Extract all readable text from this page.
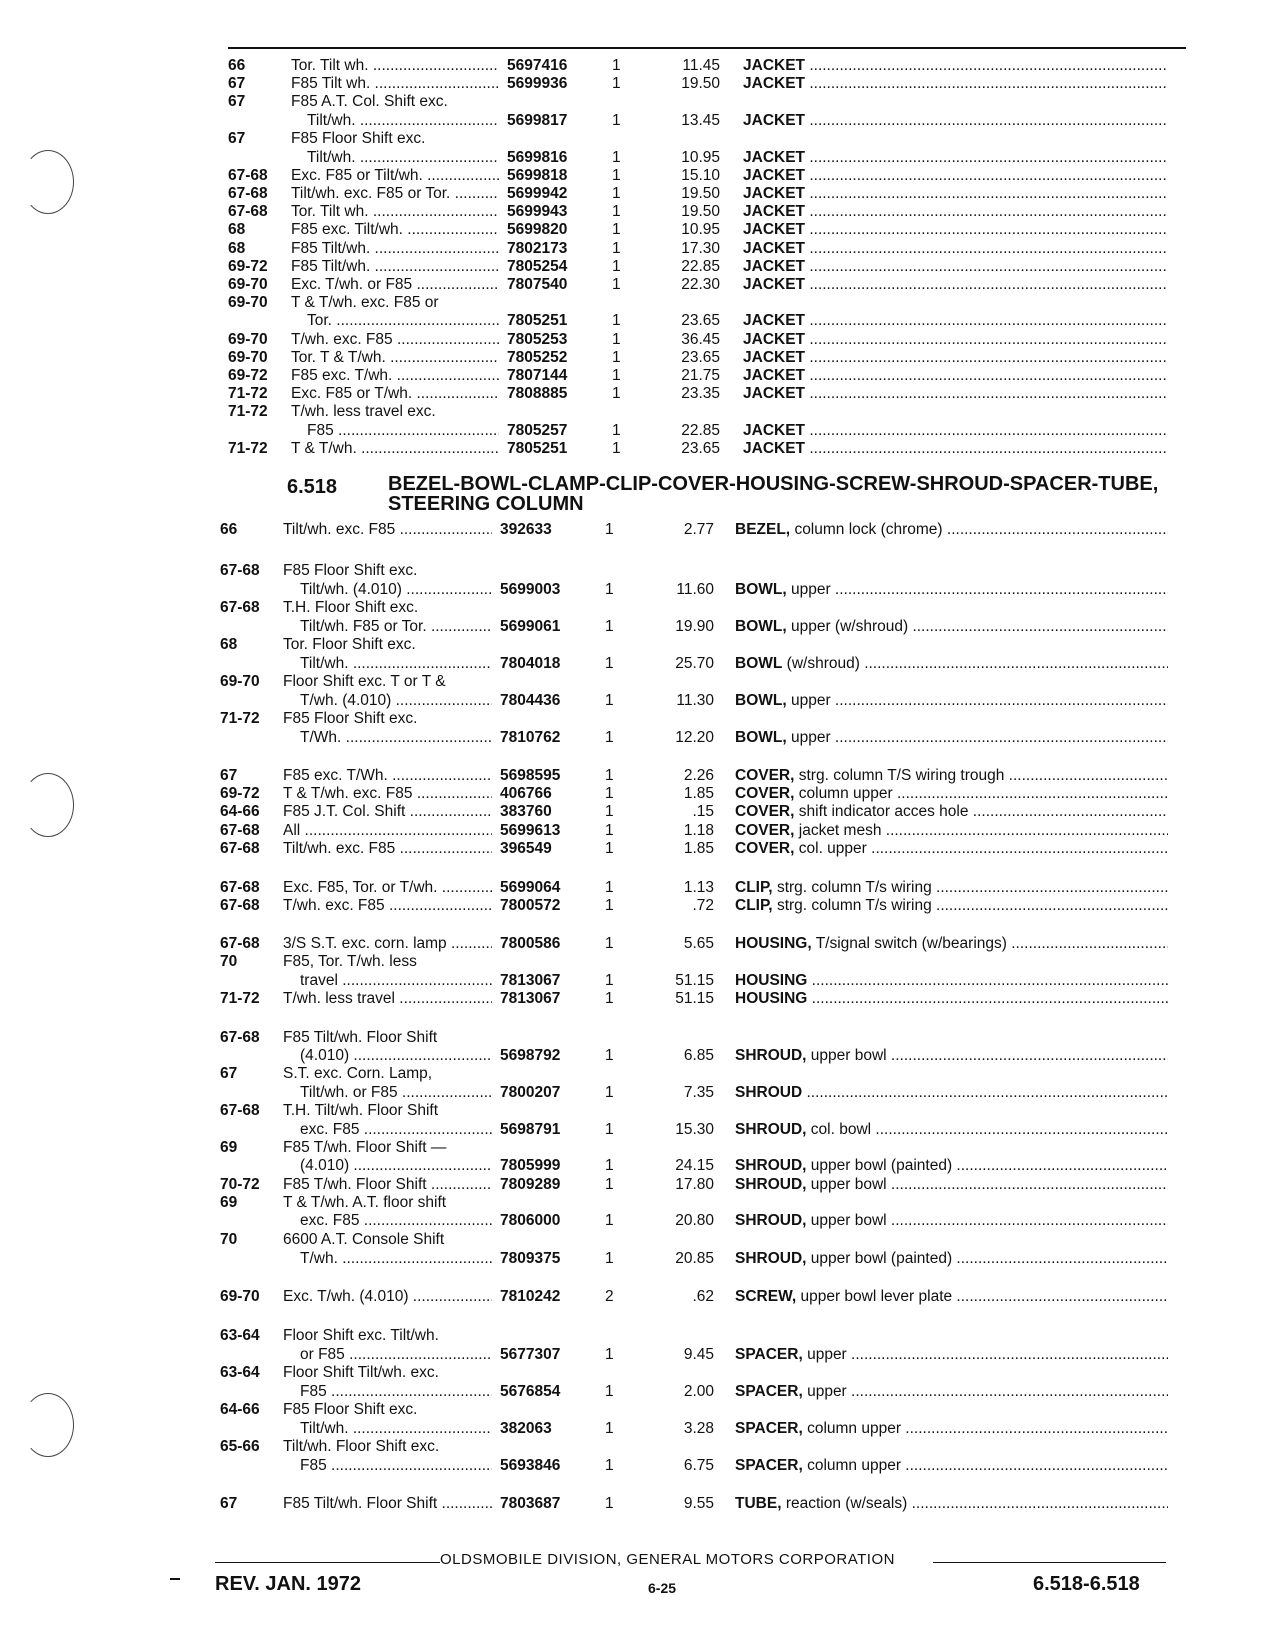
6.518	BEZEL-BOWL-CLAMP-CLIP-COVER-HOUSING-SCREW-SHROUD-SPACER-TUBE, STEERING COLUMN
66	Tor. Tilt wh. .....	5697416	1	11.45 JACKET .....
67	F85 Tilt wh. .....	5699936	1	19.50 JACKET .....
67	F85 A.T. Col. Shift exc.
Tilt/wh. .....	5699817	1	13.45 JACKET .....
67	F85 Floor Shift exc.
Tilt/wh. .....	5699816	1	10.95 JACKET .....
67-68 Exc. F85 or Tilt/wh. .....	5699818	1	15.10 JACKET .....
67-68 Tilt/wh. exc. F85 or Tor. .....	5699942	1	19.50 JACKET .....
67-68 Tor. Tilt wh. .....	5699943	1	19.50 JACKET .....
68	F85 exc. Tilt/wh. .....	5699820	1	10.95 JACKET .....
68	F85 Tilt/wh. .....	7802173	1	17.30 JACKET .....
69-72 F85 Tilt/wh. .....	7805254	1	22.85 JACKET .....
69-70 Exc. T/wh. or F85 .....	7807540	1	22.30 JACKET .....
69-70 T & T/wh. exc. F85 or
Tor. .....	7805251	1	23.65 JACKET .....
69-70 T/wh. exc. F85 .....	7805253	1	36.45 JACKET .....
69-70 Tor. T & T/wh. .....	7805252	1	23.65 JACKET .....
69-72 F85 exc. T/wh. .....	7807144	1	21.75 JACKET .....
71-72 Exc. F85 or T/wh. .....	7808885	1	23.35 JACKET .....
71-72 T/wh. less travel exc.
F85 .....	7805257	1	22.85 JACKET .....
71-72 T & T/wh. .....	7805251	1	23.65 JACKET .....
66	Tilt/wh. exc. F85 .....	392633	1	2.77 BEZEL, column lock (chrome) .....
67-68 F85 Floor Shift exc.
Tilt/wh. (4.010) .....	5699003	1	11.60 BOWL, upper .....
67-68 T.H. Floor Shift exc.
Tilt/wh. F85 or Tor. .....	5699061	1	19.90 BOWL, upper (w/shroud) .....
68	Tor. Floor Shift exc.
Tilt/wh. .....	7804018	1	25.70 BOWL (w/shroud) .....
69-70 Floor Shift exc. T or T &
T/wh. (4.010) .....	7804436	1	11.30 BOWL, upper .....
71-72 F85 Floor Shift exc.
T/Wh. .....	7810762	1	12.20 BOWL, upper .....
67	F85 exc. T/Wh. .....	5698595	1	2.26 COVER, strg. column T/S wiring trough .....
69-72 T & T/wh. exc. F85 .....	406766	1	1.85 COVER, column upper .....
64-66 F85 J.T. Col. Shift .....	383760	1	.15 COVER, shift indicator acces hole .....
67-68 All .....	5699613	1	1.18 COVER, jacket mesh .....
67-68 Tilt/wh. exc. F85 .....	396549	1	1.85 COVER, col. upper .....
67-68 Exc. F85, Tor. or T/wh. .....	5699064	1	1.13 CLIP, strg. column T/s wiring .....
67-68 T/wh. exc. F85 .....	7800572	1	.72 CLIP, strg. column T/s wiring .....
67-68 3/S S.T. exc. corn. lamp .....	7800586	1	5.65 HOUSING, T/signal switch (w/bearings) .....
70	F85, Tor. T/wh. less
travel .....	7813067	1	51.15 HOUSING .....
71-72 T/wh. less travel .....	7813067	1	51.15 HOUSING .....
67-68 F85 Tilt/wh. Floor Shift
(4.010) .....	5698792	1	6.85 SHROUD, upper bowl .....
67	S.T. exc. Corn. Lamp,
Tilt/wh. or F85 .....	7800207	1	7.35 SHROUD .....
67-68 T.H. Tilt/wh. Floor Shift
exc. F85 .....	5698791	1	15.30 SHROUD, col. bowl .....
69	F85 T/wh. Floor Shift —
(4.010) .....	7805999	1	24.15 SHROUD, upper bowl (painted) .....
70-72 F85 T/wh. Floor Shift .....	7809289	1	17.80 SHROUD, upper bowl .....
69	T & T/wh. A.T. floor shift
exc. F85 .....	7806000	1	20.80 SHROUD, upper bowl .....
70	6600 A.T. Console Shift
T/wh. .....	7809375	1	20.85 SHROUD, upper bowl (painted) .....
69-70 Exc. T/wh. (4.010) .....	7810242	2	.62 SCREW, upper bowl lever plate .....
63-64 Floor Shift exc. Tilt/wh.
or F85 .....	5677307	1	9.45 SPACER, upper .....
63-64 Floor Shift Tilt/wh. exc.
F85 .....	5676854	1	2.00 SPACER, upper .....
64-66 F85 Floor Shift exc.
Tilt/wh. .....	382063	1	3.28 SPACER, column upper .....
65-66 Tilt/wh. Floor Shift exc.
F85 .....	5693846	1	6.75 SPACER, column upper .....
67	F85 Tilt/wh. Floor Shift .....	7803687	1	9.55 TUBE, reaction (w/seals) .....
OLDSMOBILE DIVISION, GENERAL MOTORS CORPORATION
REV. JAN. 1972	6-25	6.518-6.518
